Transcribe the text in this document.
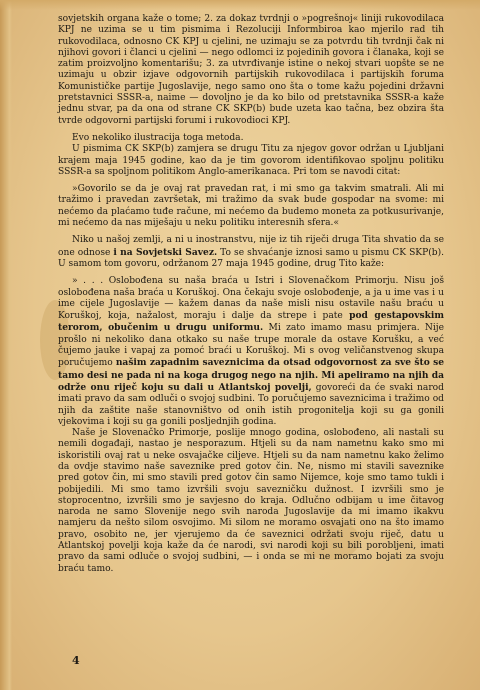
sovjetskih organa kaže o tome; 2. za dokaz tvrdnji o »pogrešnoj« liniji rukovodilaca KPJ ne uzima se u tim pismima i Rezoluciji Informbiroa kao mjerilo rad tih rukovodilaca, odnosno CK KPJ u cjelini, ne uzimaju se za potvrdu tih tvrdnji čak ni njihovi govori i članci u cjelini — nego odlomci iz pojedinih govora i članaka, koji se zatim proizvoljno komentarišu; 3. za utvrđivanje istine o nekoj stvari uopšte se ne uzimaju u obzir izjave odgovornih partijskih rukovodilaca i partijskih foruma Komunističke partije Jugoslavije, nego samo ono šta o tome kažu pojedini državni pretstavnici SSSR-a, naime — dovoljno je da ko bilo od pretstavnika SSSR-a kaže jednu stvar, pa da ona od strane CK SKP(b) bude uzeta kao tačna, bez obzira šta tvrde odgovorni partijski forumi i rukovodioci KPJ.

Evo nekoliko ilustracija toga metoda.

U pismima CK SKP(b) zamjera se drugu Titu za njegov govor održan u Ljubljani krajem maja 1945 godine, kao da je tim govorom identifikovao spoljnu politiku SSSR-a sa spoljnom politikom Anglo-amerikanaca. Pri tom se navodi citat:

»Govorilo se da je ovaj rat pravedan rat, i mi smo ga takvim smatrali. Ali mi tražimo i pravedan završetak, mi tražimo da svak bude gospodar na svome: mi nećemo da plaćamo tuđe račune, mi nećemo da budemo moneta za potkusurivanje, mi nećemo da nas miješaju u neku politiku interesnih sfera.«

Niko u našoj zemlji, a ni u inostranstvu, nije iz tih riječi druga Tita shvatio da se one odnose i na Sovjetski Savez. To se shvaćanje iznosi samo u pismu CK SKP(b). U samom tom govoru, održanom 27 maja 1945 godine, drug Tito kaže:

» . . . Oslobođena su naša braća u Istri i Slovenačkom Primorju. Nisu još oslobođena naša braća u Koruškoj. Ona čekaju svoje oslobođenje, a ja u ime vas i u ime cijele Jugoslavije — kažem danas da naše misli nisu ostavile našu braću u Koruškoj, koja, nažalost, moraju i dalje da strepe i pate pod gestapovskim terorom, obučenim u drugu uniformu. Mi zato imamo masu primjera. Nije prošlo ni nekoliko dana otkako su naše trupe morale da ostave Korušku, a već čujemo jauke i vapaj za pomoć braći u Koruškoj. Mi s ovog veličanstvenog skupa poručujemo našim zapadnim saveznicima da otsad odgovornost za sve što se tamo desi ne pada ni na koga drugog nego na njih. Mi apeliramo na njih da održe onu riječ koju su dali u Atlantskoj povelji, govoreći da će svaki narod imati pravo da sam odluči o svojoj sudbini. To poručujemo saveznicima i tražimo od njih da zaštite naše stanovništvo od onih istih progonitelja koji su ga gonili vjekovima i koji su ga gonili posljednjih godina.

Naše je Slovenačko Primorje, poslije mnogo godina, oslobođeno, ali nastali su nemili događaji, nastao je nesporazum. Htjeli su da nam nametnu kako smo mi iskoristili ovaj rat u neke osvajačke ciljeve. Htjeli su da nam nametnu kako želimo da ovdje stavimo naše saveznike pred gotov čin. Ne, nismo mi stavili saveznike pred gotov čin, mi smo stavili pred gotov čin samo Nijemce, koje smo tamo tukli i pobijedili. Mi smo tamo izvršili svoju savezničku dužnost. I izvršili smo je stoprocentno, izvršili smo je savjesno do kraja. Odlučno odbijam u ime čitavog naroda ne samo Slovenije nego svih naroda Jugoslavije da mi imamo ikakvu namjeru da nešto silom osvojimo. Mi silom ne moramo osvajati ono na što imamo pravo, osobito ne, jer vjerujemo da će saveznici održati svoju riječ, datu u Atlantskoj povelji koja kaže da će narodi, svi narodi koji su bili porobljeni, imati pravo da sami odluče o svojoj sudbini, — i onda se mi ne moramo bojati za svoju braću tamo.

4
